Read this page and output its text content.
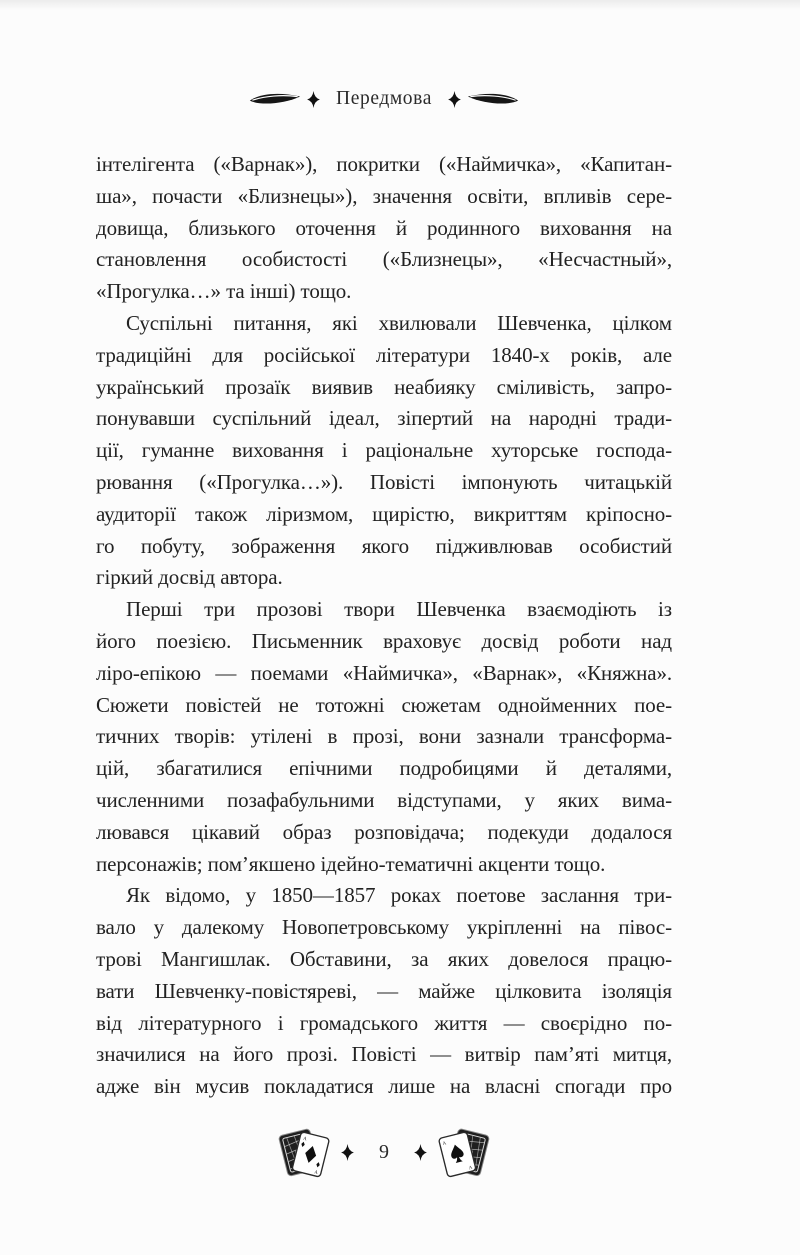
Передмова
інтелігента («Варнак»), покритки («Наймичка», «Капитан-
ша», почасти «Близнецы»), значення освіти, впливів сере-
довища, близького оточення й родинного виховання на
становлення особистості («Близнецы», «Несчастный»,
«Прогулка…» та інші) тощо.
Суспільні питання, які хвилювали Шевченка, цілком
традиційні для російської літератури 1840-х років, але
український прозаїк виявив неабияку сміливість, запро-
понувавши суспільний ідеал, зіпертий на народні тради-
ції, гуманне виховання і раціональне хуторське господа-
рювання («Прогулка…»). Повісті імпонують читацькій
аудиторії також ліризмом, щирістю, викриттям кріпосно-
го побуту, зображення якого підживлював особистий
гіркий досвід автора.
Перші три прозові твори Шевченка взаємодіють із
його поезією. Письменник враховує досвід роботи над
ліро-епікою — поемами «Наймичка», «Варнак», «Княжна».
Сюжети повістей не тотожні сюжетам однойменних пое-
тичних творів: утілені в прозі, вони зазнали трансформа-
цій, збагатилися епічними подробицями й деталями,
численними позафабульними відступами, у яких вима-
лювався цікавий образ розповідача; подекуди додалося
персонажів; пом’якшено ідейно-тематичні акценти тощо.
Як відомо, у 1850—1857 роках поетове заслання три-
вало у далекому Новопетровському укріпленні на півос-
трові Мангишлак. Обставини, за яких довелося працю-
вати Шевченку-повістяреві, — майже цілковита ізоляція
від літературного і громадського життя — своєрідно по-
значилися на його прозі. Повісті — витвір пам’яті митця,
адже він мусив покладатися лише на власні спогади про
A
A
9	A
A
